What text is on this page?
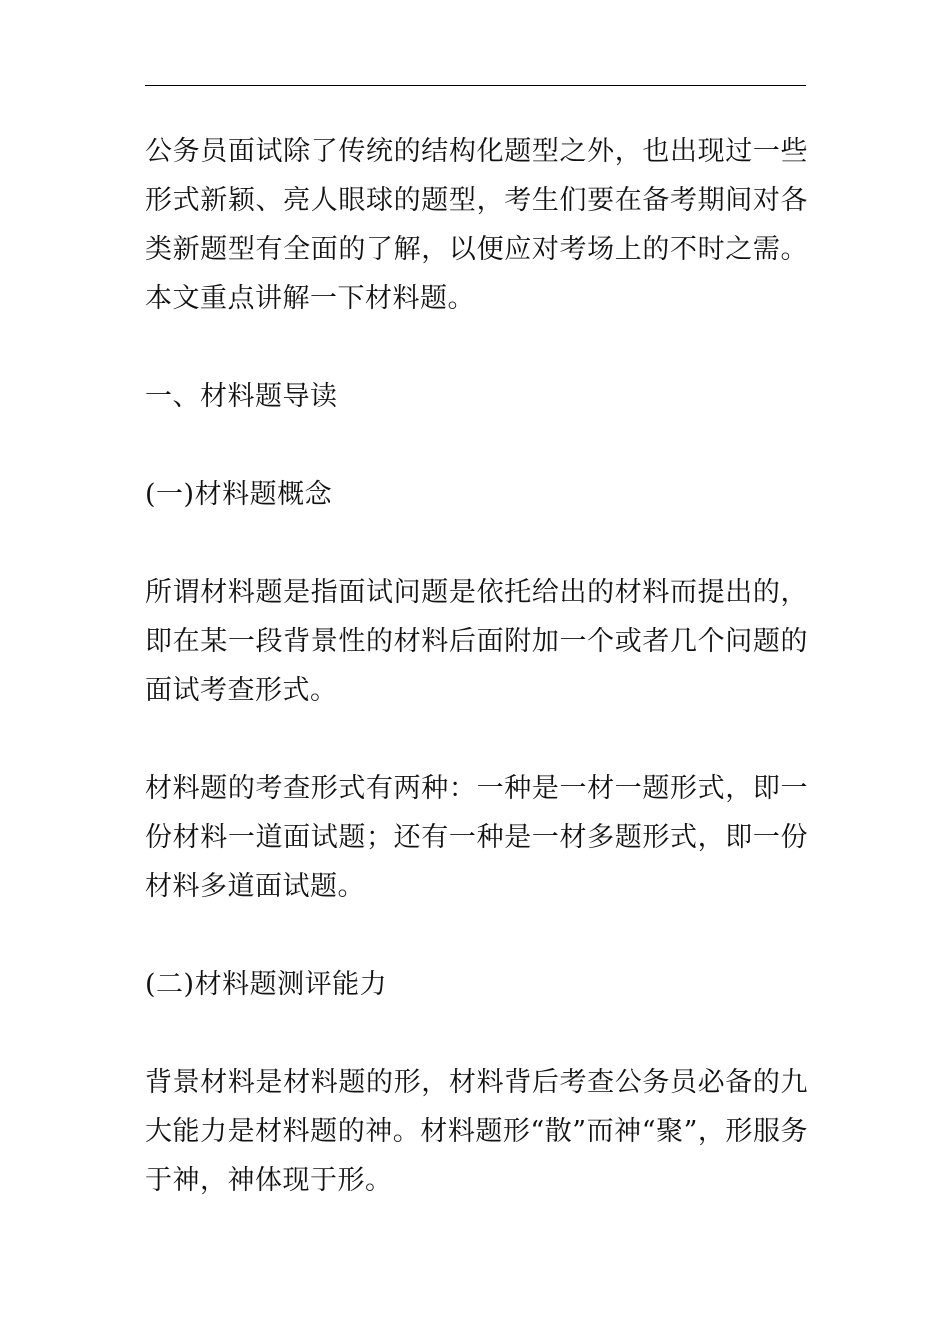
公务员面试除了传统的结构化题型之外，也出现过一些形式新颖、亮人眼球的题型，考生们要在备考期间对各类新题型有全面的了解，以便应对考场上的不时之需。本文重点讲解一下材料题。

一、材料题导读

(一)材料题概念

所谓材料题是指面试问题是依托给出的材料而提出的，即在某一段背景性的材料后面附加一个或者几个问题的面试考查形式。

材料题的考查形式有两种：一种是一材一题形式，即一份材料一道面试题；还有一种是一材多题形式，即一份材料多道面试题。

(二)材料题测评能力

背景材料是材料题的形，材料背后考查公务员必备的九大能力是材料题的神。材料题形“散”而神“聚”，形服务于神，神体现于形。
